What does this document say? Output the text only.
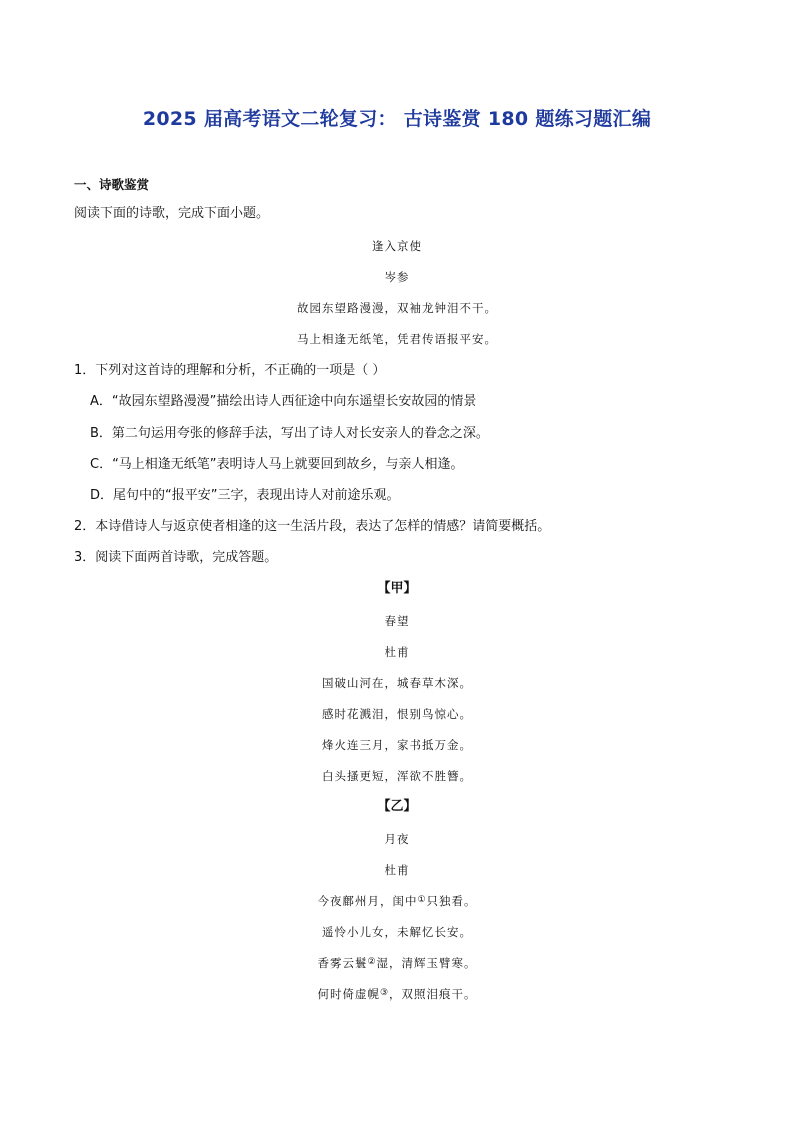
2025 届高考语文二轮复习： 古诗鉴赏 180 题练习题汇编
一、诗歌鉴赏
阅读下面的诗歌，完成下面小题。
逢入京使
岑参
故园东望路漫漫，双袖龙钟泪不干。
马上相逢无纸笔，凭君传语报平安。
1．下列对这首诗的理解和分析，不正确的一项是（ ）
A．“故园东望路漫漫”描绘出诗人西征途中向东遥望长安故园的情景
B．第二句运用夸张的修辞手法，写出了诗人对长安亲人的眷念之深。
C．“马上相逢无纸笔”表明诗人马上就要回到故乡，与亲人相逢。
D．尾句中的“报平安”三字，表现出诗人对前途乐观。
2．本诗借诗人与返京使者相逢的这一生活片段，表达了怎样的情感？请简要概括。
3．阅读下面两首诗歌，完成答题。
【甲】
春望
杜甫
国破山河在，城春草木深。
感时花溅泪，恨别鸟惊心。
烽火连三月，家书抵万金。
白头搔更短，浑欲不胜簪。
【乙】
月夜
杜甫
今夜鄜州月，闺中①只独看。
遥怜小儿女，未解忆长安。
香雾云鬟②湿，清辉玉臂寒。
何时倚虚幌③，双照泪痕干。
